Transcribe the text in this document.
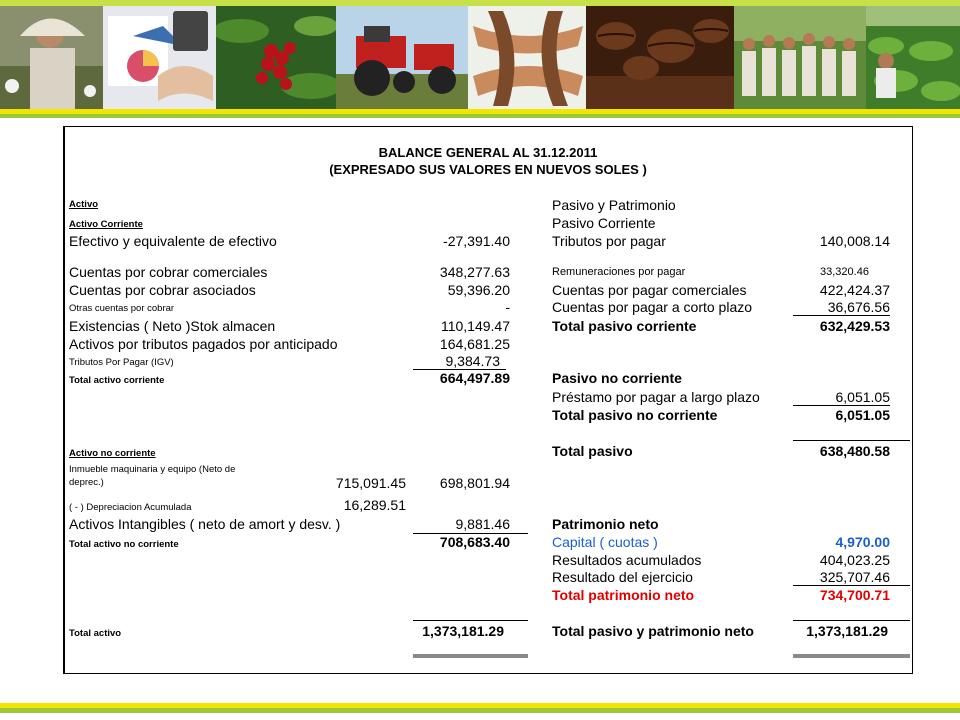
BALANCE GENERAL AL 31.12.2011
(EXPRESADO SUS VALORES EN NUEVOS SOLES )
Activo
Activo Corriente
Efectivo y equivalente de efectivo	-27,391.40
Cuentas por cobrar comerciales	348,277.63
Cuentas por cobrar asociados	59,396.20
Otras cuentas por cobrar	-
Existencias ( Neto )Stok almacen	110,149.47
Activos por tributos pagados por anticipado	164,681.25
Tributos Por Pagar (IGV)	9,384.73
Total activo corriente	664,497.89
Activo no corriente
Inmueble maquinaria y equipo (Neto de
deprec.)	715,091.45	698,801.94
( - ) Depreciacion Acumulada	16,289.51
Activos Intangibles ( neto de amort y desv. )	9,881.46
Total activo no corriente	708,683.40
Total activo	1,373,181.29
Pasivo y Patrimonio
Pasivo Corriente
Tributos por pagar	140,008.14
Remuneraciones por pagar	33,320.46
Cuentas por pagar comerciales	422,424.37
Cuentas por pagar a corto plazo	36,676.56
Total pasivo corriente	632,429.53
Pasivo no corriente
Préstamo por pagar a largo plazo	6,051.05
Total pasivo no corriente	6,051.05
Total pasivo	638,480.58
Patrimonio neto
Capital ( cuotas )	4,970.00
Resultados acumulados	404,023.25
Resultado del ejercicio	325,707.46
Total patrimonio neto	734,700.71
Total pasivo y patrimonio neto	1,373,181.29
